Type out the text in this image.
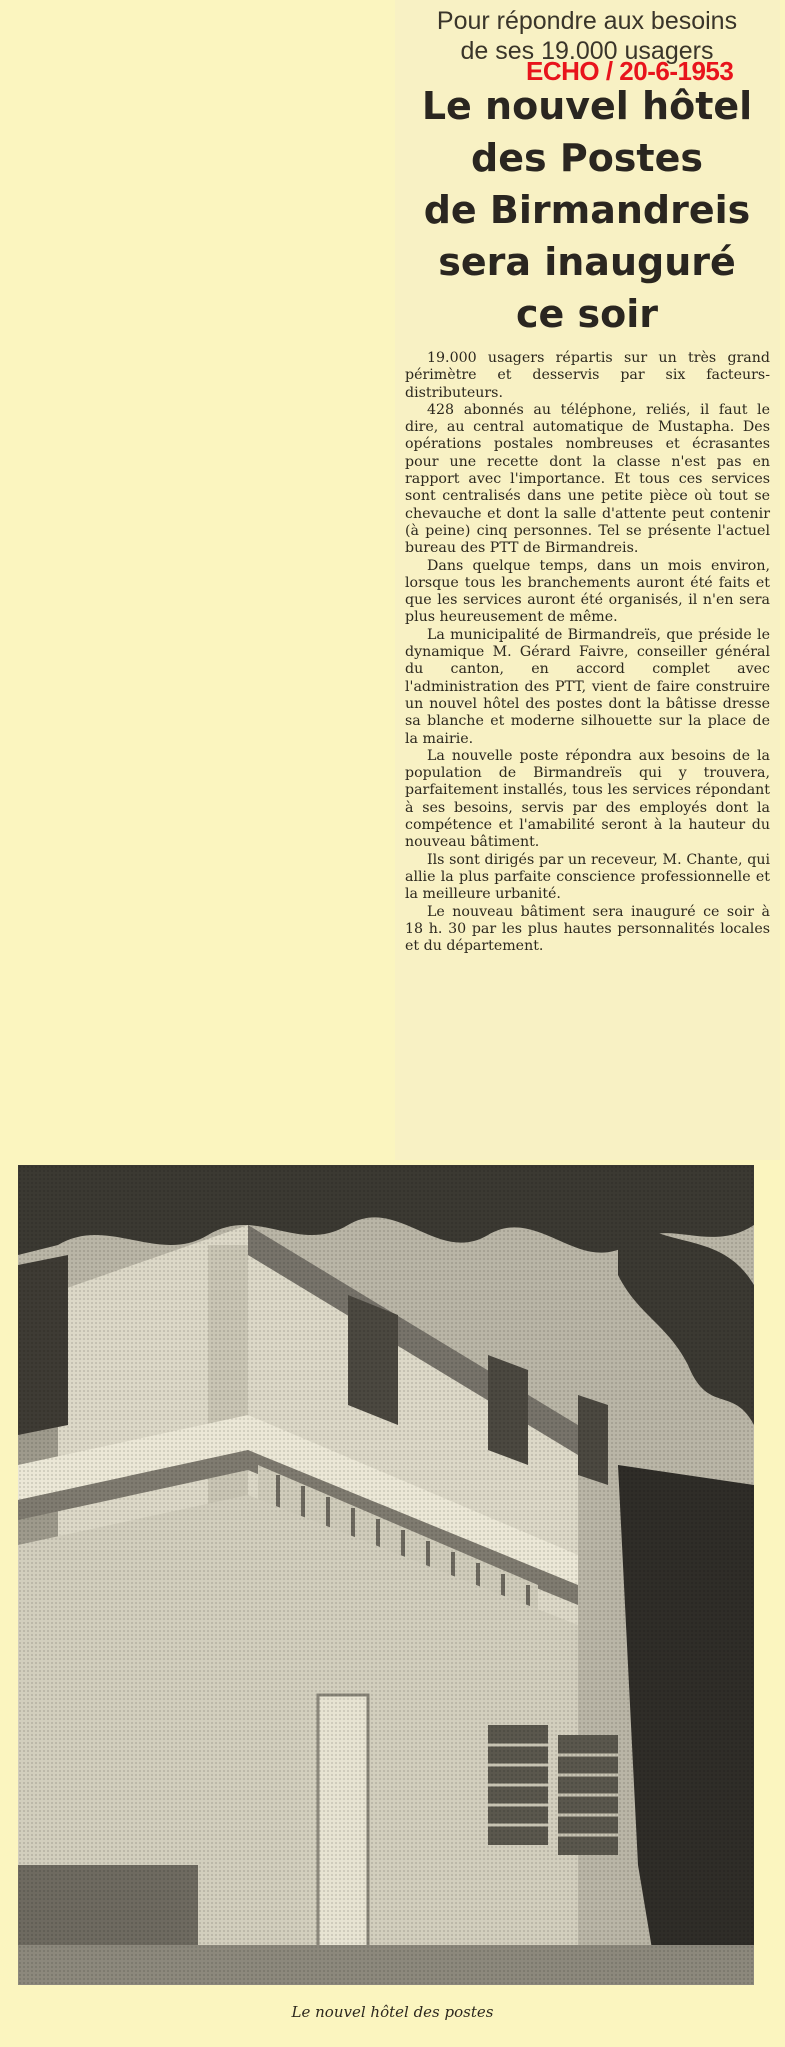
Pour répondre aux besoins
de ses 19.000 usagers
ECHO / 20-6-1953
Le nouvel hôtel
des Postes
de Birmandreis
sera inauguré
ce soir

19.000 usagers répartis sur un très grand périmètre et desservis par six facteurs-distributeurs.

428 abonnés au téléphone, reliés, il faut le dire, au central automatique de Mustapha. Des opérations postales nombreuses et écrasantes pour une recette dont la classe n'est pas en rapport avec l'importance. Et tous ces services sont centralisés dans une petite pièce où tout se chevauche et dont la salle d'attente peut contenir (à peine) cinq personnes. Tel se présente l'actuel bureau des PTT de Birmandreis.

Dans quelque temps, dans un mois environ, lorsque tous les branchements auront été faits et que les services auront été organisés, il n'en sera plus heureusement de même.

La municipalité de Birmandreïs, que préside le dynamique M. Gérard Faivre, conseiller général du canton, en accord complet avec l'administration des PTT, vient de faire construire un nouvel hôtel des postes dont la bâtisse dresse sa blanche et moderne silhouette sur la place de la mairie.

La nouvelle poste répondra aux besoins de la population de Birmandreïs qui y trouvera, parfaitement installés, tous les services répondant à ses besoins, servis par des employés dont la compétence et l'amabilité seront à la hauteur du nouveau bâtiment.

Ils sont dirigés par un receveur, M. Chante, qui allie la plus parfaite conscience professionnelle et la meilleure urbanité.

Le nouveau bâtiment sera inauguré ce soir à 18 h. 30 par les plus hautes personnalités locales et du département.

Le nouvel hôtel des postes
